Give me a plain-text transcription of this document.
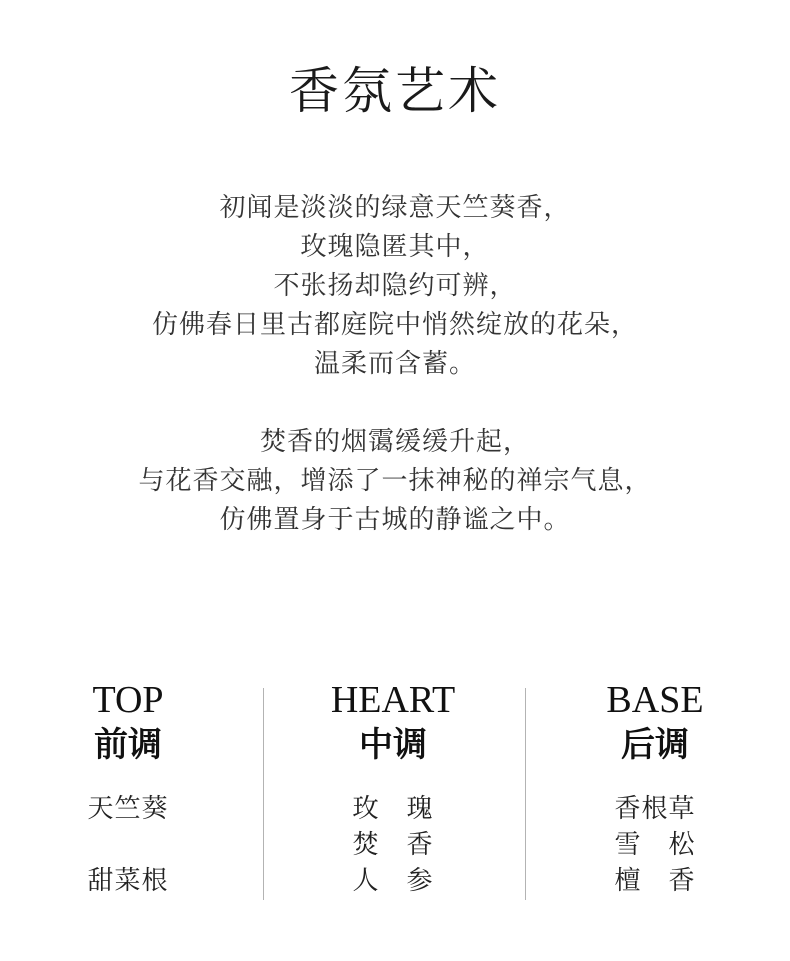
香氛艺术
初闻是淡淡的绿意天竺葵香，
玫瑰隐匿其中，
不张扬却隐约可辨，
仿佛春日里古都庭院中悄然绽放的花朵，
温柔而含蓄。
焚香的烟霭缓缓升起，
与花香交融，增添了一抹神秘的禅宗气息，
仿佛置身于古城的静谧之中。
TOP
前调
天竺葵
甜菜根
HEART
中调
玫　瑰
焚　香
人　参
BASE
后调
香根草
雪　松
檀　香
